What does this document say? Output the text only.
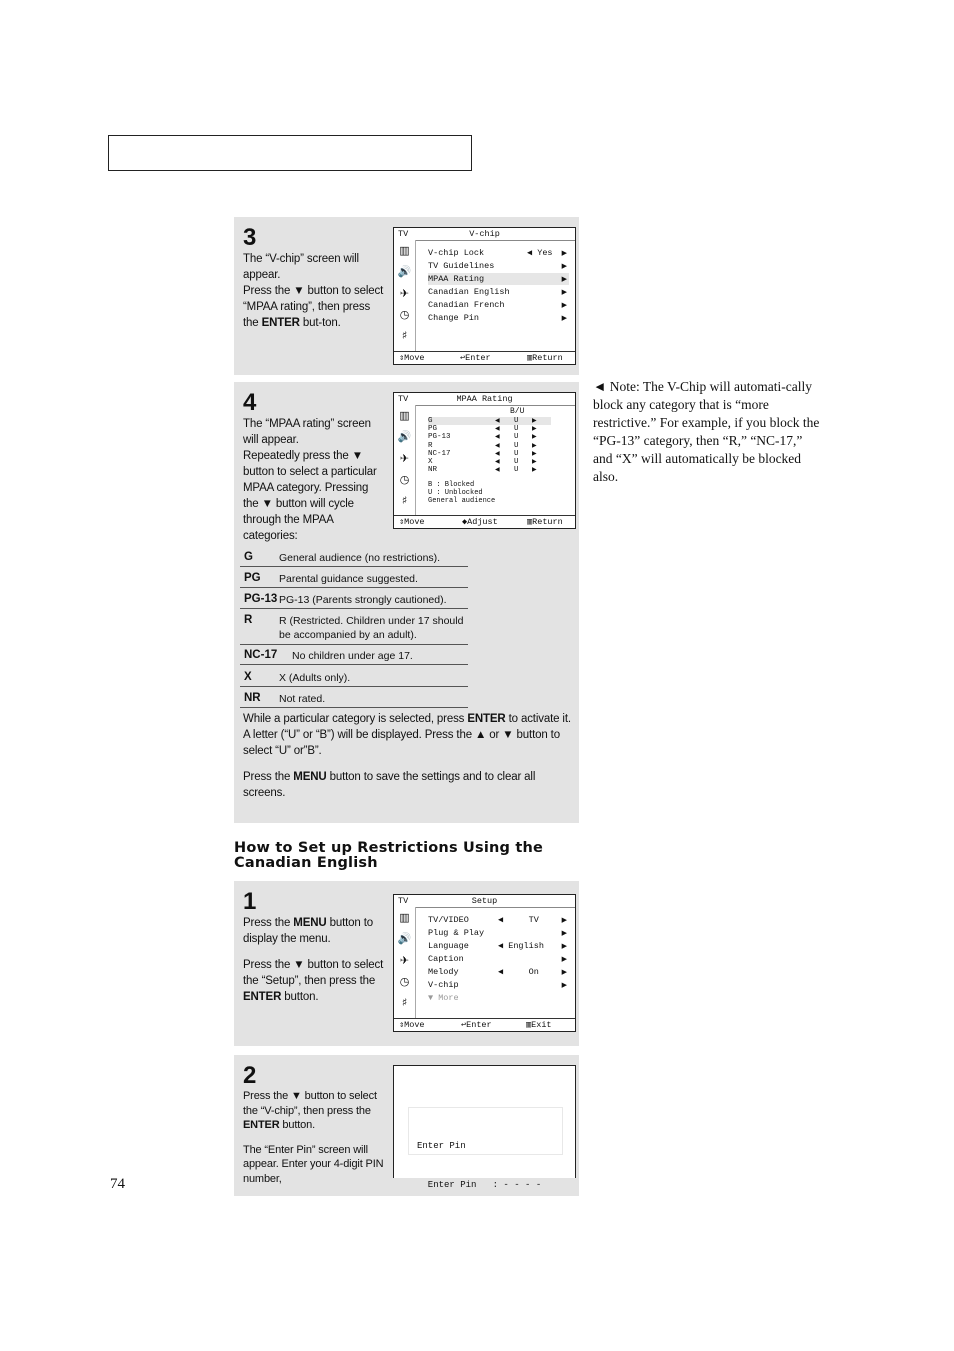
3
The “V-chip” screen will appear.
Press the ▼ button to select “MPAA rating”, then press the ENTER but-ton.
TV	V-chip
▥
🔊
✈
◷
♯
V-chip Lock	◀ Yes ▶
TV Guidelines	▶
MPAA Rating	▶
Canadian English	▶
Canadian French	▶
Change Pin	▶
⇕Move	↩Enter	▥Return
◄ Note: The V-Chip will automati-cally block any category that is “more restrictive.” For example, if you block the “PG-13” category, then “R,” “NC-17,” and “X” will automatically be blocked also.
4
The “MPAA rating” screen will appear.
Repeatedly press the ▼ button to select a particular MPAA category. Pressing the ▼ button will cycle through the MPAA categories:
TV	MPAA Rating
▥
🔊
✈
◷
♯
B/U
G	◀ U ▶
PG	◀ U ▶
PG-13	◀ U ▶
R	◀ U ▶
NC-17	◀ U ▶
X	◀ U ▶
NR	◀ U ▶
B : Blocked
U : Unblocked
General audience
⇕Move	◆Adjust	▥Return

While a particular category is selected, press ENTER to activate it.
A letter (“U” or “B”) will be displayed. Press the ▲ or ▼ button to select “U” or”B”.

Press the MENU button to save the settings and to clear all screens.

G General audience (no restrictions).
PG Parental guidance suggested.
PG-13 PG-13 (Parents strongly cautioned).
R	R (Restricted. Children under 17 should be accompanied by an adult).
NC-17 No children under age 17.
X	X (Adults only).
NR Not rated.
How to Set up Restrictions Using the Canadian English
1

Press the MENU button to display the menu.

Press the ▼ button to select the “Setup”, then press the ENTER button.

TV	Setup
▥
🔊
✈
◷
♯
TV/VIDEO	◀     TV	▶
Plug & Play	▶
Language	◀ English	▶
Caption	▶
Melody	◀     On	▶
V-chip	▶
▼ More
⇕Move	↩Enter	▥Exit
2

Press the ▼ button to select the “V-chip”, then press the ENTER button.

The “Enter Pin” screen will appear. Enter your 4-digit PIN number,

Enter Pin

Enter Pin   : - - - -

74
